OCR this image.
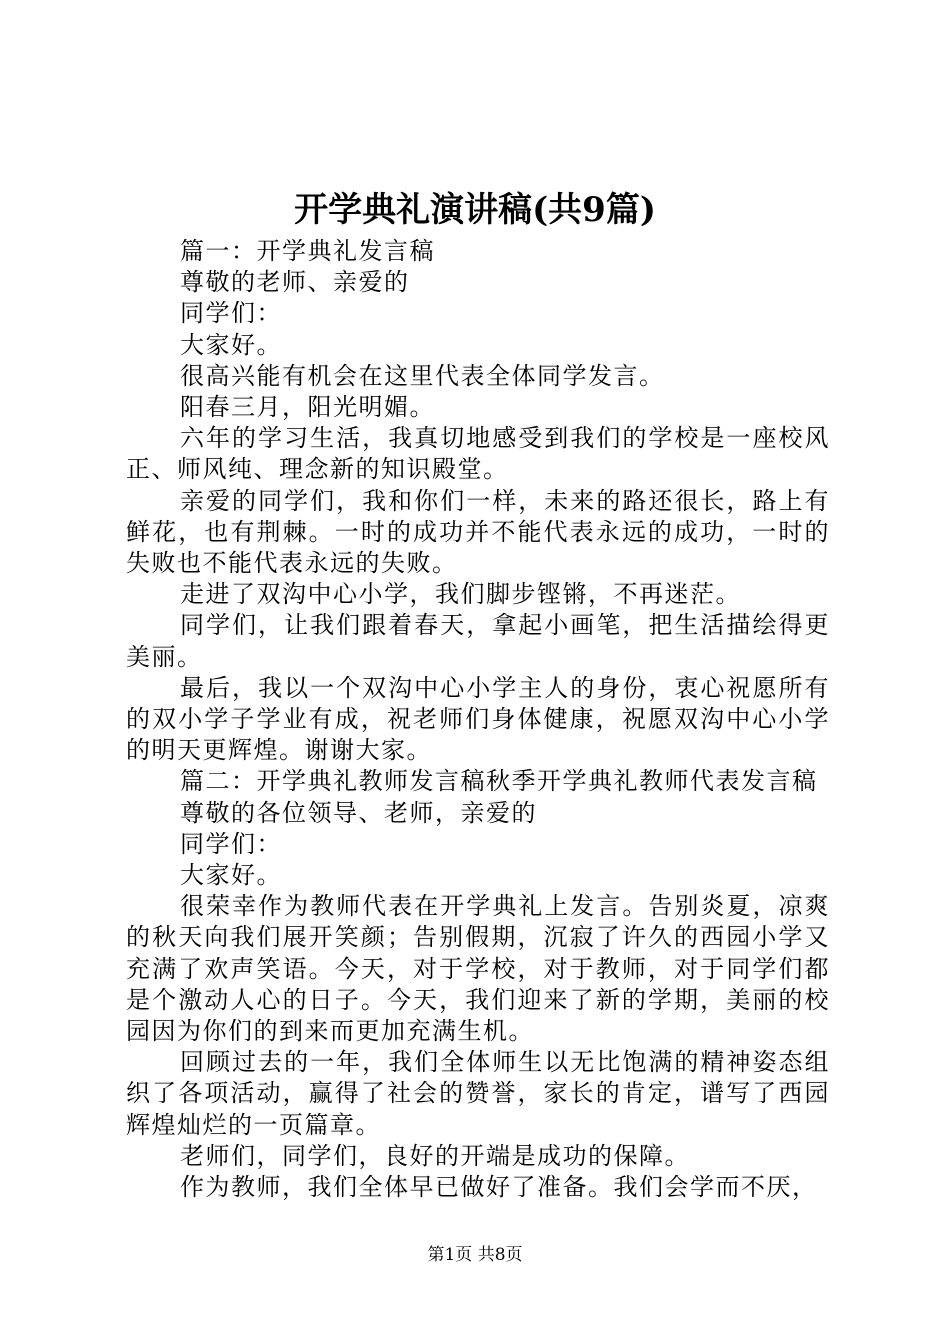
开学典礼演讲稿(共9篇)

篇一：开学典礼发言稿

尊敬的老师、亲爱的

同学们：

大家好。

很高兴能有机会在这里代表全体同学发言。

阳春三月，阳光明媚。

六年的学习生活，我真切地感受到我们的学校是一座校风正、师风纯、理念新的知识殿堂。

亲爱的同学们，我和你们一样，未来的路还很长，路上有鲜花，也有荆棘。一时的成功并不能代表永远的成功，一时的失败也不能代表永远的失败。

走进了双沟中心小学，我们脚步铿锵，不再迷茫。

同学们，让我们跟着春天，拿起小画笔，把生活描绘得更美丽。

最后，我以一个双沟中心小学主人的身份，衷心祝愿所有的双小学子学业有成，祝老师们身体健康，祝愿双沟中心小学的明天更辉煌。谢谢大家。

篇二：开学典礼教师发言稿秋季开学典礼教师代表发言稿

尊敬的各位领导、老师，亲爱的

同学们：

大家好。

很荣幸作为教师代表在开学典礼上发言。告别炎夏，凉爽的秋天向我们展开笑颜；告别假期，沉寂了许久的西园小学又充满了欢声笑语。今天，对于学校，对于教师，对于同学们都是个激动人心的日子。今天，我们迎来了新的学期，美丽的校园因为你们的到来而更加充满生机。

回顾过去的一年，我们全体师生以无比饱满的精神姿态组织了各项活动，赢得了社会的赞誉，家长的肯定，谱写了西园辉煌灿烂的一页篇章。

老师们，同学们，良好的开端是成功的保障。

作为教师，我们全体早已做好了准备。我们会学而不厌，

第1页 共8页
